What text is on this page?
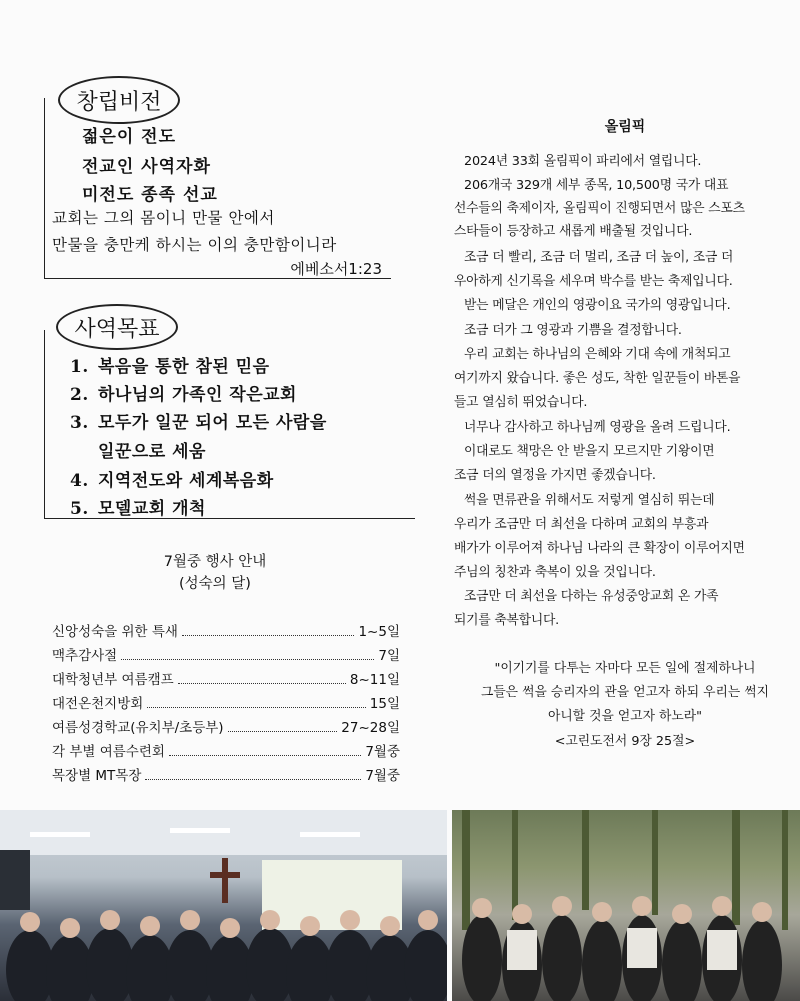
창립비전
젊은이 전도
전교인 사역자화
미전도 종족 선교
교회는 그의 몸이니 만물 안에서
만물을 충만케 하시는 이의 충만함이니라
에베소서1:23
사역목표
1. 복음을 통한 참된 믿음
2. 하나님의 가족인 작은교회
3. 모두가 일꾼 되어 모든 사람을
일꾼으로 세움
4. 지역전도와 세계복음화
5. 모델교회 개척
7월중 행사 안내
(성숙의 달)
신앙성숙을 위한 특새	1~5일
맥추감사절	7일
대학청년부 여름캠프	8~11일
대전온천지방회	15일
여름성경학교(유치부/초등부)	27~28일
각 부별 여름수련회	7월중
목장별 MT목장	7월중
올림픽
2024년 33회 올림픽이 파리에서 열립니다.
206개국 329개 세부 종목, 10,500명 국가 대표
선수들의 축제이자, 올림픽이 진행되면서 많은 스포츠
스타들이 등장하고 새롭게 배출될 것입니다.
조금 더 빨리, 조금 더 멀리, 조금 더 높이, 조금 더
우아하게 신기록을 세우며 박수를 받는 축제입니다.
받는 메달은 개인의 영광이요 국가의 영광입니다.
조금 더가 그 영광과 기쁨을 결정합니다.
우리 교회는 하나님의 은혜와 기대 속에 개척되고
여기까지 왔습니다. 좋은 성도, 착한 일꾼들이 바톤을
들고 열심히 뛰었습니다.
너무나 감사하고 하나님께 영광을 올려 드립니다.
이대로도 책망은 안 받을지 모르지만 기왕이면
조금 더의 열정을 가지면 좋겠습니다.
썩을 면류관을 위해서도 저렇게 열심히 뛰는데
우리가 조금만 더 최선을 다하며 교회의 부흥과
배가가 이루어져 하나님 나라의 큰 확장이 이루어지면
주님의 칭찬과 축복이 있을 것입니다.
조금만 더 최선을 다하는 유성중앙교회 온 가족
되기를 축복합니다.
"이기기를 다투는 자마다 모든 일에 절제하나니
그들은 썩을 승리자의 관을 얻고자 하되 우리는 썩지
아니할 것을 얻고자 하노라"
<고린도전서 9장 25절>
